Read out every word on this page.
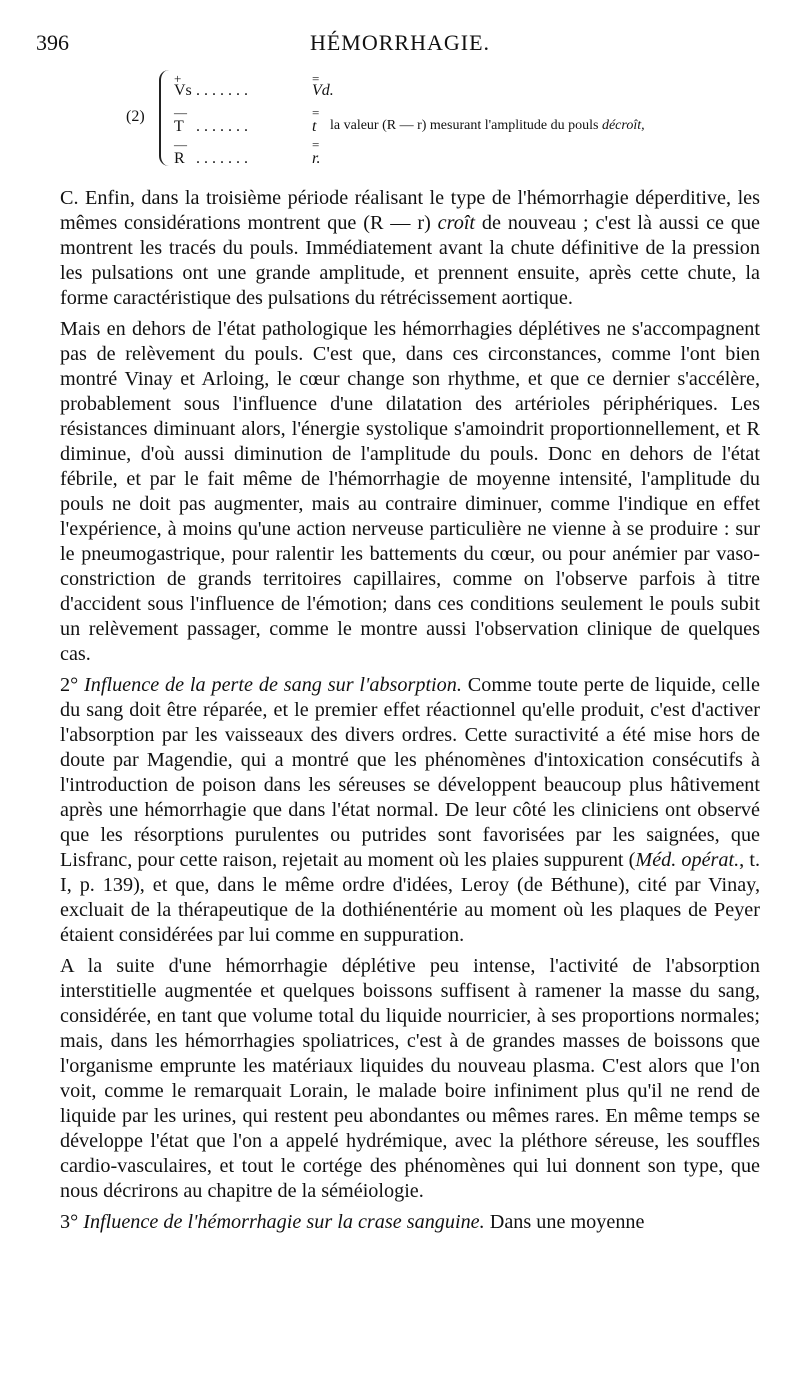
396	HÉMORRHAGIE.
(2)
+
Vs .......
=
Vd.
—
T .......
=
t la valeur (R — r) mesurant l'amplitude du pouls décroît,
—
R .......
=
r.

C. Enfin, dans la troisième période réalisant le type de l'hémorrhagie déperditive, les mêmes considérations montrent que (R — r) croît de nouveau ; c'est là aussi ce que montrent les tracés du pouls. Immédiatement avant la chute définitive de la pression les pulsations ont une grande amplitude, et prennent ensuite, après cette chute, la forme caractéristique des pulsations du rétrécissement aortique.

Mais en dehors de l'état pathologique les hémorrhagies déplétives ne s'accompagnent pas de relèvement du pouls. C'est que, dans ces circonstances, comme l'ont bien montré Vinay et Arloing, le cœur change son rhythme, et que ce dernier s'accélère, probablement sous l'influence d'une dilatation des artérioles périphériques. Les résistances diminuant alors, l'énergie systolique s'amoindrit proportionnellement, et R diminue, d'où aussi diminution de l'amplitude du pouls. Donc en dehors de l'état fébrile, et par le fait même de l'hémorrhagie de moyenne intensité, l'amplitude du pouls ne doit pas augmenter, mais au contraire diminuer, comme l'indique en effet l'expérience, à moins qu'une action nerveuse particulière ne vienne à se produire : sur le pneumogastrique, pour ralentir les battements du cœur, ou pour anémier par vaso-constriction de grands territoires capillaires, comme on l'observe parfois à titre d'accident sous l'influence de l'émotion; dans ces conditions seulement le pouls subit un relèvement passager, comme le montre aussi l'observation clinique de quelques cas.

2° Influence de la perte de sang sur l'absorption. Comme toute perte de liquide, celle du sang doit être réparée, et le premier effet réactionnel qu'elle produit, c'est d'activer l'absorption par les vaisseaux des divers ordres. Cette suractivité a été mise hors de doute par Magendie, qui a montré que les phénomènes d'intoxication consécutifs à l'introduction de poison dans les séreuses se développent beaucoup plus hâtivement après une hémorrhagie que dans l'état normal. De leur côté les cliniciens ont observé que les résorptions purulentes ou putrides sont favorisées par les saignées, que Lisfranc, pour cette raison, rejetait au moment où les plaies suppurent (Méd. opérat., t. I, p. 139), et que, dans le même ordre d'idées, Leroy (de Béthune), cité par Vinay, excluait de la thérapeutique de la dothiénentérie au moment où les plaques de Peyer étaient considérées par lui comme en suppuration.

A la suite d'une hémorrhagie déplétive peu intense, l'activité de l'absorption interstitielle augmentée et quelques boissons suffisent à ramener la masse du sang, considérée, en tant que volume total du liquide nourricier, à ses proportions normales; mais, dans les hémorrhagies spoliatrices, c'est à de grandes masses de boissons que l'organisme emprunte les matériaux liquides du nouveau plasma. C'est alors que l'on voit, comme le remarquait Lorain, le malade boire infiniment plus qu'il ne rend de liquide par les urines, qui restent peu abondantes ou mêmes rares. En même temps se développe l'état que l'on a appelé hydrémique, avec la pléthore séreuse, les souffles cardio-vasculaires, et tout le cortége des phénomènes qui lui donnent son type, que nous décrirons au chapitre de la séméiologie.

3° Influence de l'hémorrhagie sur la crase sanguine. Dans une moyenne
